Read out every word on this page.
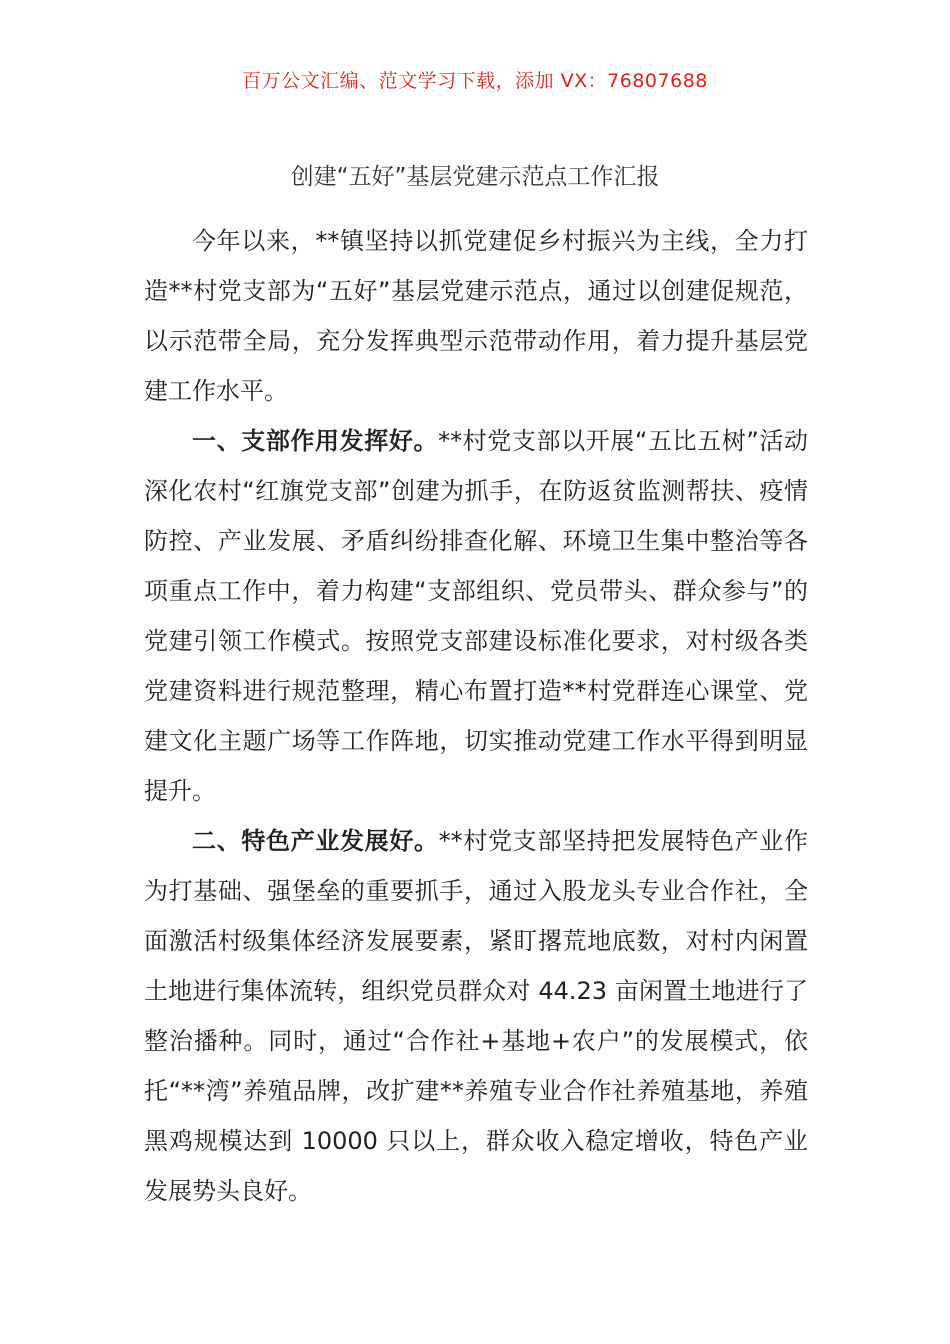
百万公文汇编、范文学习下载，添加 VX：76807688
创建“五好”基层党建示范点工作汇报

今年以来，**镇坚持以抓党建促乡村振兴为主线，全力打造**村党支部为“五好”基层党建示范点，通过以创建促规范，以示范带全局，充分发挥典型示范带动作用，着力提升基层党建工作水平。

一、支部作用发挥好。**村党支部以开展“五比五树”活动深化农村“红旗党支部”创建为抓手，在防返贫监测帮扶、疫情防控、产业发展、矛盾纠纷排查化解、环境卫生集中整治等各项重点工作中，着力构建“支部组织、党员带头、群众参与”的党建引领工作模式。按照党支部建设标准化要求，对村级各类党建资料进行规范整理，精心布置打造**村党群连心课堂、党建文化主题广场等工作阵地，切实推动党建工作水平得到明显提升。

二、特色产业发展好。**村党支部坚持把发展特色产业作为打基础、强堡垒的重要抓手，通过入股龙头专业合作社，全面激活村级集体经济发展要素，紧盯撂荒地底数，对村内闲置土地进行集体流转，组织党员群众对 44.23 亩闲置土地进行了整治播种。同时，通过“合作社+基地+农户”的发展模式，依托“**湾”养殖品牌，改扩建**养殖专业合作社养殖基地，养殖黑鸡规模达到 10000 只以上，群众收入稳定增收，特色产业发展势头良好。
